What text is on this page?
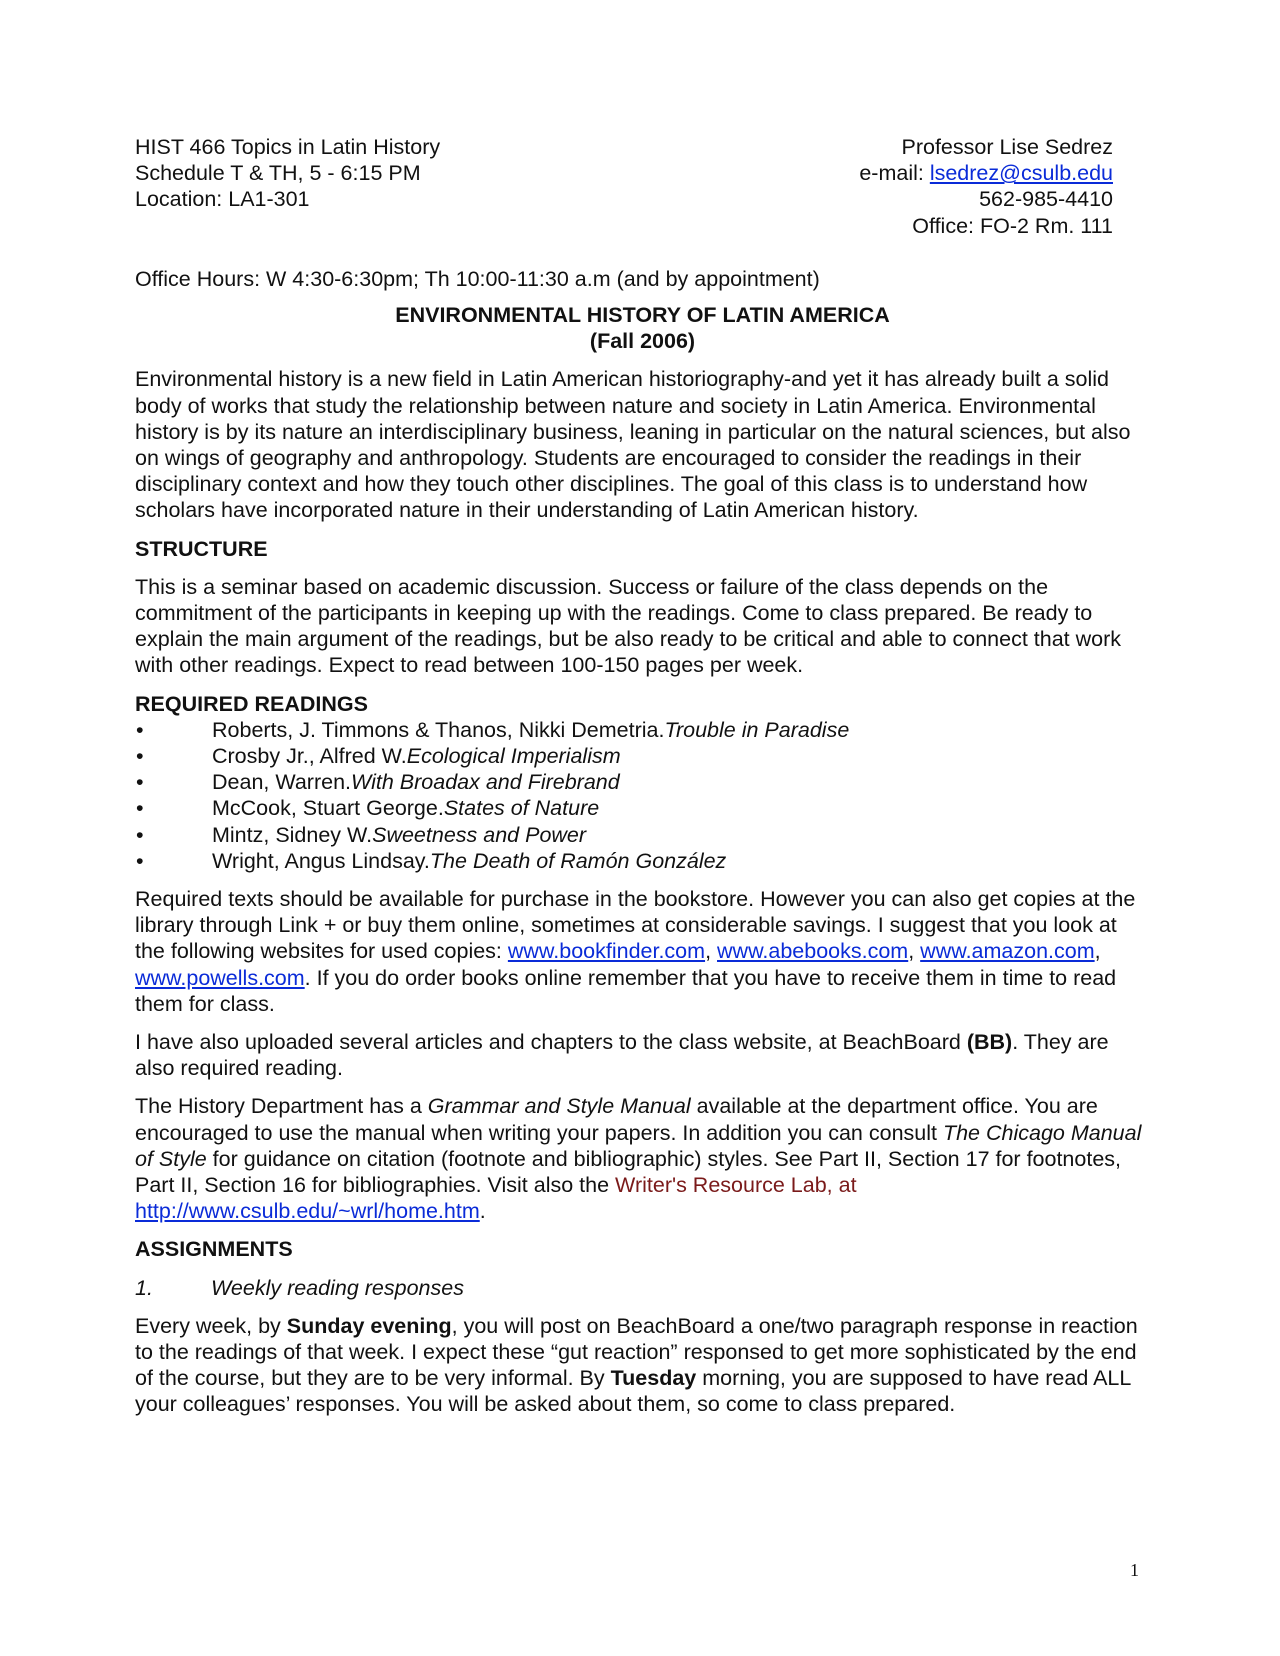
HIST 466 Topics in Latin History
Schedule T & TH, 5 - 6:15 PM
Location: LA1-301
Professor Lise Sedrez
e-mail: lsedrez@csulb.edu
562-985-4410
Office: FO-2 Rm. 111
Office Hours: W 4:30-6:30pm; Th 10:00-11:30 a.m (and by appointment)
ENVIRONMENTAL HISTORY OF LATIN AMERICA
(Fall 2006)

Environmental history is a new field in Latin American historiography-and yet it has already built a solid body of works that study the relationship between nature and society in Latin America. Environmental history is by its nature an interdisciplinary business, leaning in particular on the natural sciences, but also on wings of geography and anthropology. Students are encouraged to consider the readings in their disciplinary context and how they touch other disciplines. The goal of this class is to understand how scholars have incorporated nature in their understanding of Latin American history.

STRUCTURE

This is a seminar based on academic discussion. Success or failure of the class depends on the commitment of the participants in keeping up with the readings. Come to class prepared. Be ready to explain the main argument of the readings, but be also ready to be critical and able to connect that work with other readings. Expect to read between 100-150 pages per week.

REQUIRED READINGS
•	Roberts, J. Timmons & Thanos, Nikki Demetria. Trouble in Paradise
•	Crosby Jr., Alfred W. Ecological Imperialism
•	Dean, Warren. With Broadax and Firebrand
•	McCook, Stuart George. States of Nature
•	Mintz, Sidney W. Sweetness and Power
•	Wright, Angus Lindsay. The Death of Ramón González

Required texts should be available for purchase in the bookstore. However you can also get copies at the library through Link + or buy them online, sometimes at considerable savings. I suggest that you look at the following websites for used copies: www.bookfinder.com, www.abebooks.com, www.amazon.com, www.powells.com. If you do order books online remember that you have to receive them in time to read them for class.

I have also uploaded several articles and chapters to the class website, at BeachBoard (BB). They are also required reading.

The History Department has a Grammar and Style Manual available at the department office. You are encouraged to use the manual when writing your papers. In addition you can consult The Chicago Manual of Style for guidance on citation (footnote and bibliographic) styles. See Part II, Section 17 for footnotes, Part II, Section 16 for bibliographies. Visit also the Writer's Resource Lab, at http://www.csulb.edu/~wrl/home.htm.

ASSIGNMENTS
1.	Weekly reading responses

Every week, by Sunday evening, you will post on BeachBoard a one/two paragraph response in reaction to the readings of that week. I expect these “gut reaction” responsed to get more sophisticated by the end of the course, but they are to be very informal. By Tuesday morning, you are supposed to have read ALL your colleagues’ responses. You will be asked about them, so come to class prepared.

1
